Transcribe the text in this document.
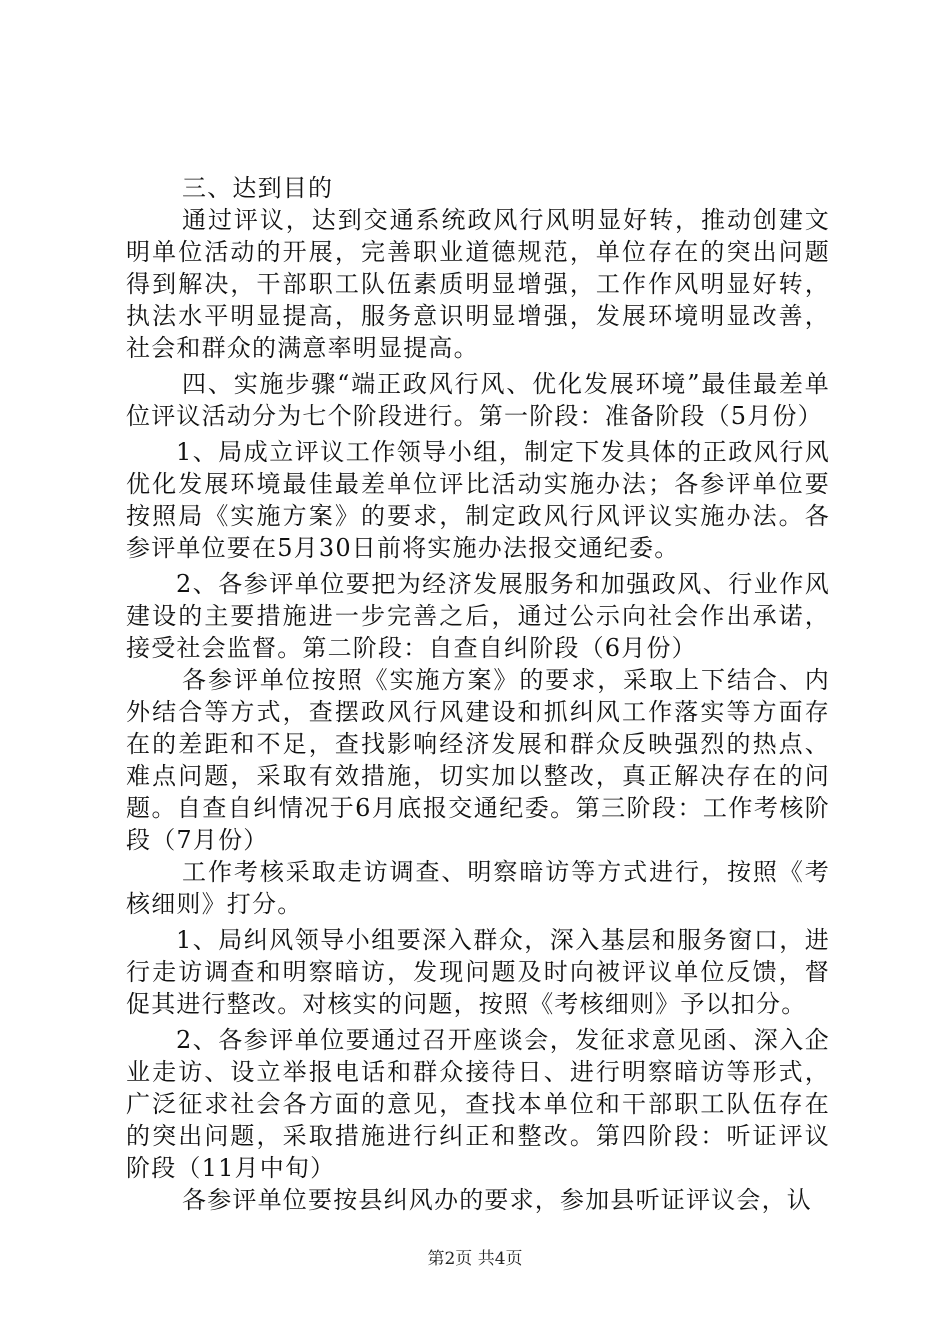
三、达到目的

通过评议，达到交通系统政风行风明显好转，推动创建文明单位活动的开展，完善职业道德规范，单位存在的突出问题得到解决，干部职工队伍素质明显增强，工作作风明显好转，执法水平明显提高，服务意识明显增强，发展环境明显改善，社会和群众的满意率明显提高。

四、实施步骤“端正政风行风、优化发展环境”最佳最差单位评议活动分为七个阶段进行。第一阶段：准备阶段（5月份）

1、局成立评议工作领导小组，制定下发具体的正政风行风优化发展环境最佳最差单位评比活动实施办法；各参评单位要按照局《实施方案》的要求，制定政风行风评议实施办法。各参评单位要在5月30日前将实施办法报交通纪委。

2、各参评单位要把为经济发展服务和加强政风、行业作风建设的主要措施进一步完善之后，通过公示向社会作出承诺，接受社会监督。第二阶段：自查自纠阶段（6月份）

各参评单位按照《实施方案》的要求，采取上下结合、内外结合等方式，查摆政风行风建设和抓纠风工作落实等方面存在的差距和不足，查找影响经济发展和群众反映强烈的热点、难点问题，采取有效措施，切实加以整改，真正解决存在的问题。自查自纠情况于6月底报交通纪委。第三阶段：工作考核阶段（7月份）

工作考核采取走访调查、明察暗访等方式进行，按照《考核细则》打分。

1、局纠风领导小组要深入群众，深入基层和服务窗口，进行走访调查和明察暗访，发现问题及时向被评议单位反馈，督促其进行整改。对核实的问题，按照《考核细则》予以扣分。

2、各参评单位要通过召开座谈会，发征求意见函、深入企业走访、设立举报电话和群众接待日、进行明察暗访等形式，广泛征求社会各方面的意见，查找本单位和干部职工队伍存在的突出问题，采取措施进行纠正和整改。第四阶段：听证评议阶段（11月中旬）

各参评单位要按县纠风办的要求，参加县听证评议会，认

第2页 共4页
